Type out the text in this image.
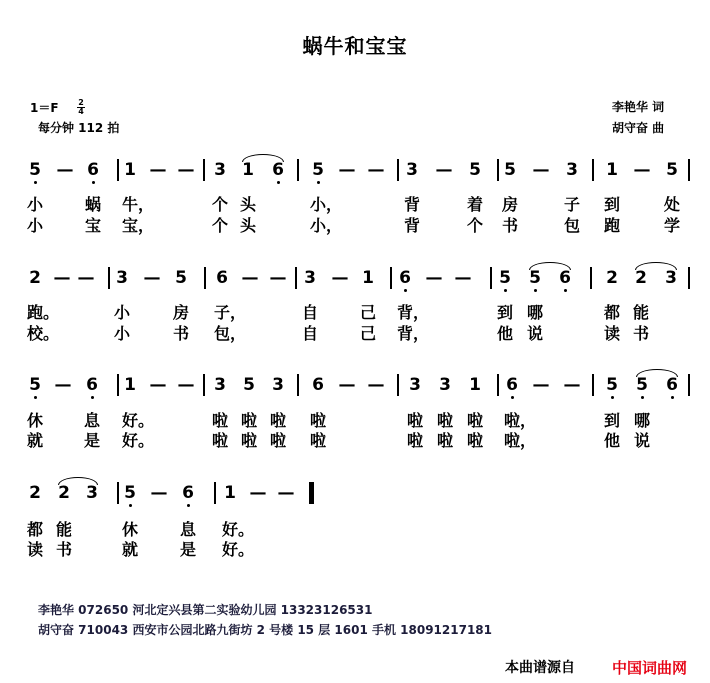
蜗牛和宝宝
1＝F 2
4
每分钟 112 拍
李艳华 词
胡守奋 曲
5
小
小
— 6
蜗
宝
1
牛，
宝，
— — 3
个
个
1
头
头
6 5
小，
小，
— — 3
背
背
— 5
着
个
5
房
书
— 3
子
包
1
到
跑
— 5
处
学
2
跑。
校。
— — 3
小
小
— 5
房
书
6
子，
包，
— — 3
自
自
— 1
己
己
6
背，
背，
— — 5
到
他
5
哪
说
6 2
都
读
2
能
书
3
5
休
就
— 6
息
是
1
好。
好。
— — 3
啦
啦
5
啦
啦
3
啦
啦
6
啦
啦
— — 3
啦
啦
3
啦
啦
1
啦
啦
6
啦，
啦，
— — 5
到
他
5
哪
说
6
2
都
读
2
能
书
3 5
休
就
— 6
息
是
1
好。
好。
— —
李艳华 072650 河北定兴县第二实验幼儿园 13323126531
胡守奋 710043 西安市公园北路九街坊 2 号楼 15 层 1601 手机 18091217181
本曲谱源自 中国词曲网
